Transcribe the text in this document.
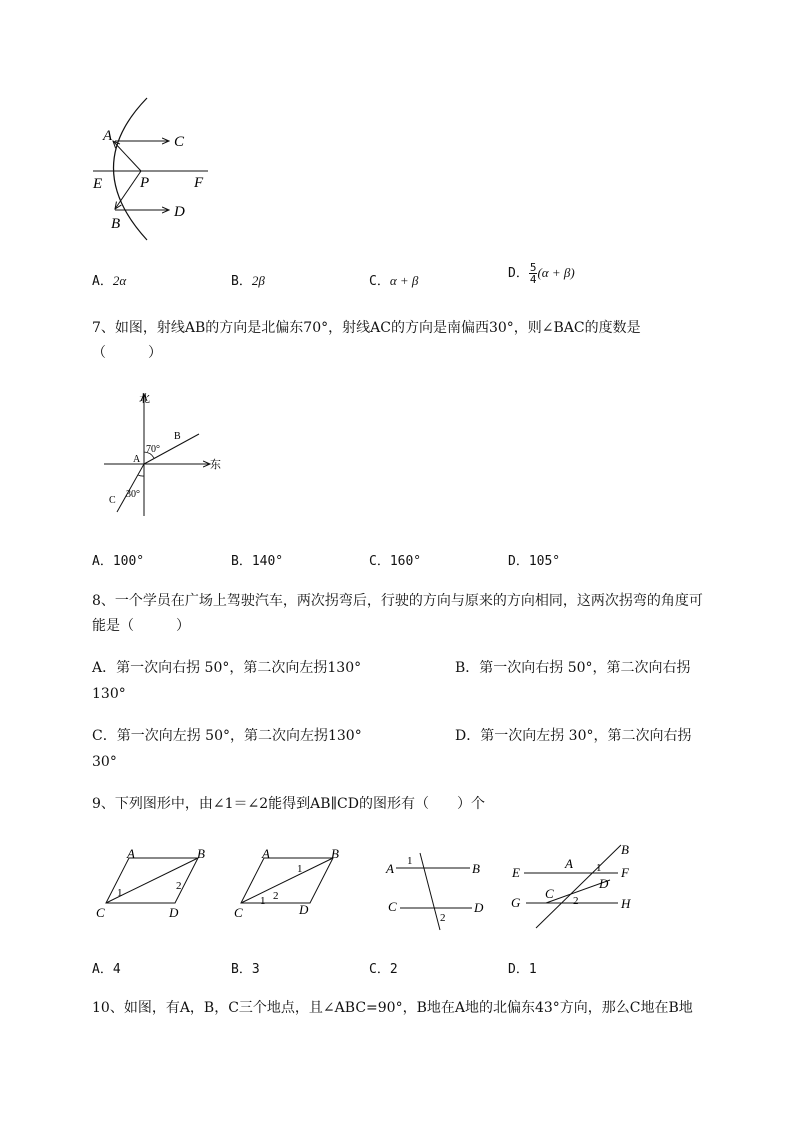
A	C
E	P	F
B
D
A．2α	B．2β	C．α + β	D． $\frac{5}{4} (\alpha + \beta)$
7、如图，射线AB的方向是北偏东70°，射线AC的方向是南偏西30°，则∠BAC的度数是
（　　　）
北
东
70°
B
A
30°
C
A．100°	B．140°	C．160°	D．105°
8、一个学员在广场上驾驶汽车，两次拐弯后，行驶的方向与原来的方向相同，这两次拐弯的角度可
能是（　　　）
A．第一次向右拐 50°，第二次向左拐130°	B．第一次向右拐 50°，第二次向右拐
130°
C．第一次向左拐 50°，第二次向左拐130°	D．第一次向左拐 30°，第二次向右拐
30°
9、下列图形中，由∠1＝∠2能得到AB∥CD的图形有（　　）个
A	B
C	D
1
2
A	B
C	D
1
2
1
A	B
C	D
1
2
B
A 1
E	F
D
C 2
G	H
A．4	B．3	C．2	D．1
10、如图，有A，B，C三个地点，且∠ABC=90°，B地在A地的北偏东43°方向，那么C地在B地
